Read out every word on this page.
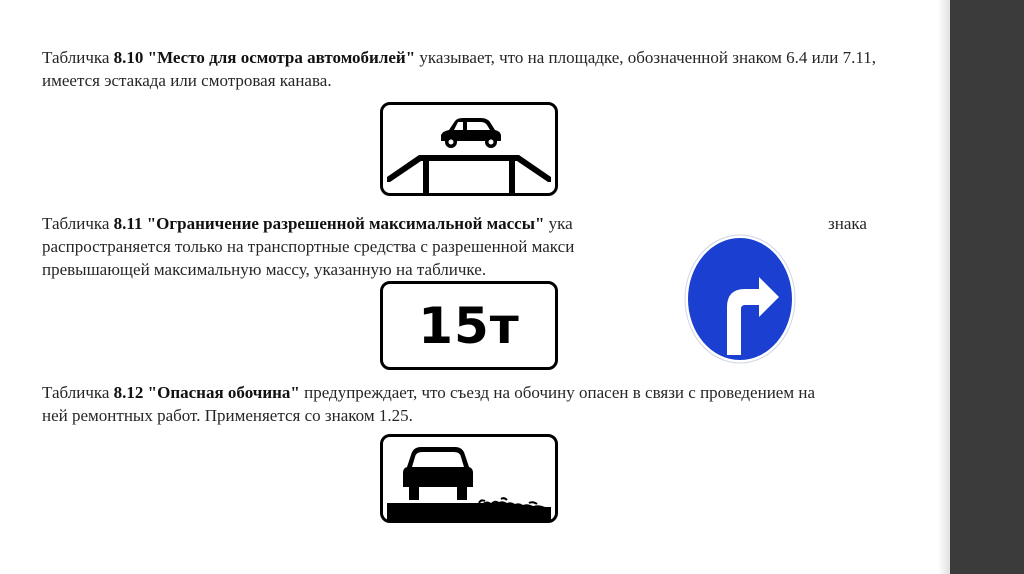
Табличка 8.10 "Место для осмотра автомобилей" указывает, что на площадке, обозначенной знаком 6.4 или 7.11, имеется эстакада или смотровая канава.

Табличка 8.11 "Ограничение разрешенной максимальной массы" ука
распространяется только на транспортные средства с разрешенной макси
превышающей максимальную массу, указанную на табличке.

знака
15т

Табличка 8.12 "Опасная обочина" предупреждает, что съезд на обочину опасен в связи с проведением на ней ремонтных работ. Применяется со знаком 1.25.
